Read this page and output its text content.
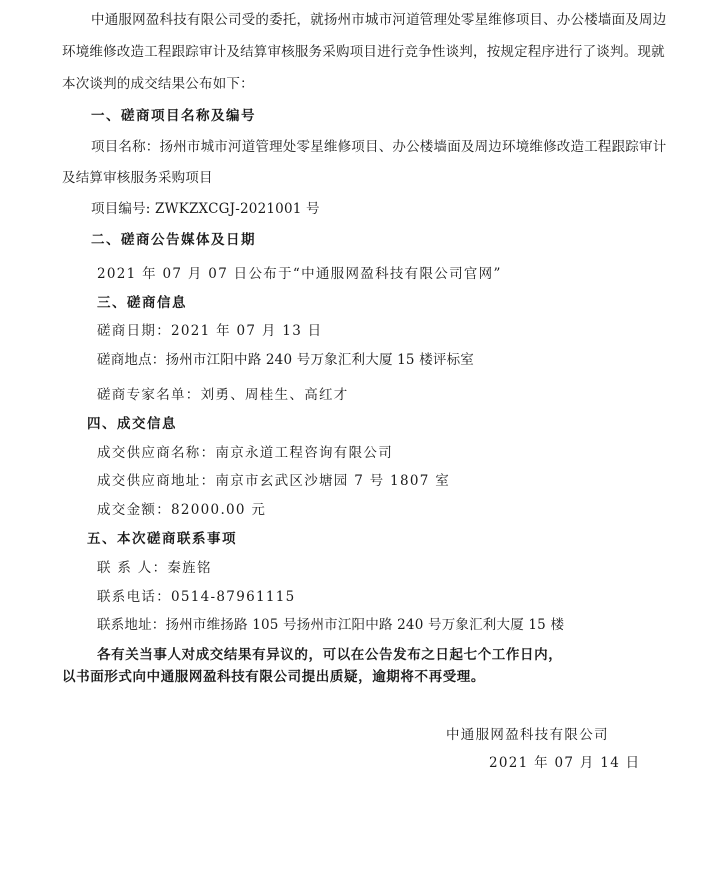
中通服网盈科技有限公司受的委托，就扬州市城市河道管理处零星维修项目、办公楼墙面及周边
环境维修改造工程跟踪审计及结算审核服务采购项目进行竞争性谈判，按规定程序进行了谈判。现就
本次谈判的成交结果公布如下：
一、磋商项目名称及编号
项目名称：扬州市城市河道管理处零星维修项目、办公楼墙面及周边环境维修改造工程跟踪审计
及结算审核服务采购项目
项目编号: ZWKZXCGJ-2021001 号
二、磋商公告媒体及日期
2021 年 07 月 07 日公布于“中通服网盈科技有限公司官网”
三、磋商信息
磋商日期：2021 年 07 月 13 日
磋商地点：扬州市江阳中路 240 号万象汇利大厦 15 楼评标室
磋商专家名单：刘勇、周桂生、高红才
四、成交信息
成交供应商名称：南京永道工程咨询有限公司
成交供应商地址：南京市玄武区沙塘园 7 号 1807 室
成交金额：82000.00 元
五、本次磋商联系事项
联 系 人：秦旌铭
联系电话：0514-87961115
联系地址：扬州市维扬路 105 号扬州市江阳中路 240 号万象汇利大厦 15 楼
各有关当事人对成交结果有异议的，可以在公告发布之日起七个工作日内，
以书面形式向中通服网盈科技有限公司提出质疑，逾期将不再受理。
中通服网盈科技有限公司
2021 年 07 月 14 日
